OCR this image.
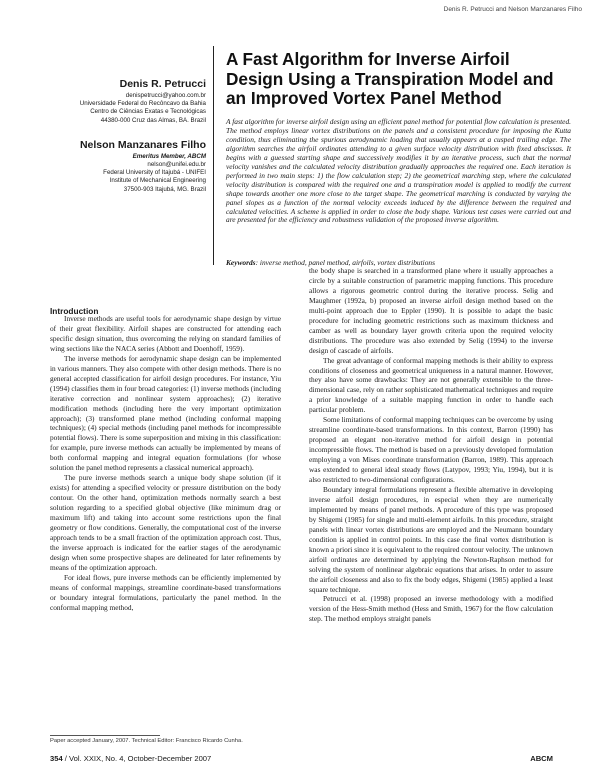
Denis R. Petrucci and Nelson Manzanares Filho
Denis R. Petrucci
denispetrucci@yahoo.com.br
Universidade Federal do Recôncavo da Bahia
Centro de Ciências Exatas e Tecnológicas
44380-000 Cruz das Almas, BA. Brazil
Nelson Manzanares Filho
Emeritus Member, ABCM
nelson@unifei.edu.br
Federal University of Itajubá - UNIFEI
Institute of Mechanical Engineering
37500-903 Itajubá, MG. Brazil
A Fast Algorithm for Inverse Airfoil Design Using a Transpiration Model and an Improved Vortex Panel Method
A fast algorithm for inverse airfoil design using an efficient panel method for potential flow calculation is presented. The method employs linear vortex distributions on the panels and a consistent procedure for imposing the Kutta condition, thus eliminating the spurious aerodynamic loading that usually appears at a cusped trailing edge. The algorithm searches the airfoil ordinates attending to a given surface velocity distribution with fixed abscissas. It begins with a guessed starting shape and successively modifies it by an iterative process, such that the normal velocity vanishes and the calculated velocity distribution gradually approaches the required one. Each iteration is performed in two main steps: 1) the flow calculation step; 2) the geometrical marching step, where the calculated velocity distribution is compared with the required one and a transpiration model is applied to modify the current shape towards another one more close to the target shape. The geometrical marching is conducted by varying the panel slopes as a function of the normal velocity exceeds induced by the difference between the required and calculated velocities. A scheme is applied in order to close the body shape. Various test cases were carried out and are presented for the efficiency and robustness validation of the proposed inverse algorithm.
Keywords: inverse method, panel method, airfoils, vortex distributions
Introduction

Inverse methods are useful tools for aerodynamic shape design by virtue of their great flexibility. Airfoil shapes are constructed for attending each specific design situation, thus overcoming the relying on standard families of wing sections like the NACA series (Abbott and Doenhoff, 1959).

The inverse methods for aerodynamic shape design can be implemented in various manners. They also compete with other design methods. There is no general accepted classification for airfoil design procedures. For instance, Yiu (1994) classifies them in four broad categories: (1) inverse methods (including iterative correction and nonlinear system approaches); (2) iterative modification methods (including here the very important optimization approach); (3) transformed plane method (including conformal mapping techniques); (4) special methods (including panel methods for incompressible potential flows). There is some superposition and mixing in this classification: for example, pure inverse methods can actually be implemented by means of both conformal mapping and integral equation formulations (for whose solution the panel method represents a classical numerical approach).

The pure inverse methods search a unique body shape solution (if it exists) for attending a specified velocity or pressure distribution on the body contour. On the other hand, optimization methods normally search a best solution regarding to a specified global objective (like minimum drag or maximum lift) and taking into account some restrictions upon the final geometry or flow conditions. Generally, the computational cost of the inverse approach tends to be a small fraction of the optimization approach cost. Thus, the inverse approach is indicated for the earlier stages of the aerodynamic design when some prospective shapes are delineated for later refinements by means of the optimization approach.

For ideal flows, pure inverse methods can be efficiently implemented by means of conformal mappings, streamline coordinate-based transformations or boundary integral formulations, particularly the panel method. In the conformal mapping method,

the body shape is searched in a transformed plane where it usually approaches a circle by a suitable construction of parametric mapping functions. This procedure allows a rigorous geometric control during the iterative process. Selig and Maughmer (1992a, b) proposed an inverse airfoil design method based on the multi-point approach due to Eppler (1990). It is possible to adapt the basic procedure for including geometric restrictions such as maximum thickness and camber as well as boundary layer growth criteria upon the required velocity distributions. The procedure was also extended by Selig (1994) to the inverse design of cascade of airfoils.

The great advantage of conformal mapping methods is their ability to express conditions of closeness and geometrical uniqueness in a natural manner. However, they also have some drawbacks: They are not generally extensible to the three-dimensional case, rely on rather sophisticated mathematical techniques and require a prior knowledge of a suitable mapping function in order to handle each particular problem.

Some limitations of conformal mapping techniques can be overcome by using streamline coordinate-based transformations. In this context, Barron (1990) has proposed an elegant non-iterative method for airfoil design in potential incompressible flows. The method is based on a previously developed formulation employing a von Mises coordinate transformation (Barron, 1989). This approach was extended to general ideal steady flows (Latypov, 1993; Yiu, 1994), but it is also restricted to two-dimensional configurations.

Boundary integral formulations represent a flexible alternative in developing inverse airfoil design procedures, in especial when they are numerically implemented by means of panel methods. A procedure of this type was proposed by Shigemi (1985) for single and multi-element airfoils. In this procedure, straight panels with linear vortex distributions are employed and the Neumann boundary condition is applied in control points. In this case the final vortex distribution is known a priori since it is equivalent to the required contour velocity. The unknown airfoil ordinates are determined by applying the Newton-Raphson method for solving the system of nonlinear algebraic equations that arises. In order to assure the airfoil closeness and also to fix the body edges, Shigemi (1985) applied a least square technique.

Petrucci et al. (1998) proposed an inverse methodology with a modified version of the Hess-Smith method (Hess and Smith, 1967) for the flow calculation step. The method employs straight panels

Paper accepted January, 2007. Technical Editor: Francisco Ricardo Cunha.
354 / Vol. XXIX, No. 4, October-December 2007	ABCM
